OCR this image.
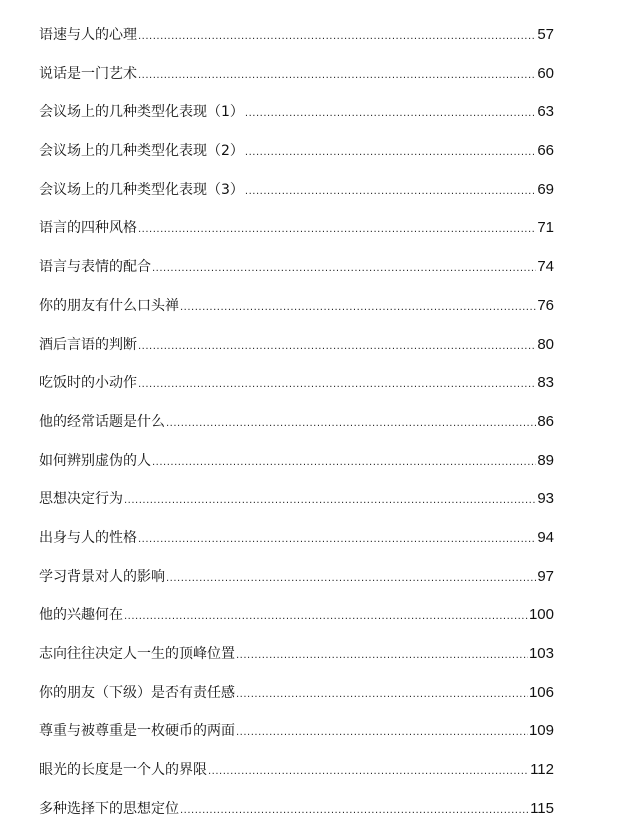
语速与人的心理 .....	57
说话是一门艺术 .....	60
会议场上的几种类型化表现（1） .....	63
会议场上的几种类型化表现（2） .....	66
会议场上的几种类型化表现（3） .....	69
语言的四种风格 .....	71
语言与表情的配合 .....	74
你的朋友有什么口头禅 .....	76
酒后言语的判断 .....	80
吃饭时的小动作 .....	83
他的经常话题是什么 .....	86
如何辨别虚伪的人 .....	89
思想决定行为 .....	93
出身与人的性格 .....	94
学习背景对人的影响 .....	97
他的兴趣何在 .....	100
志向往往决定人一生的顶峰位置 .....	103
你的朋友（下级）是否有责任感 .....	106
尊重与被尊重是一枚硬币的两面 .....	109
眼光的长度是一个人的界限 .....	112
多种选择下的思想定位 .....	115
